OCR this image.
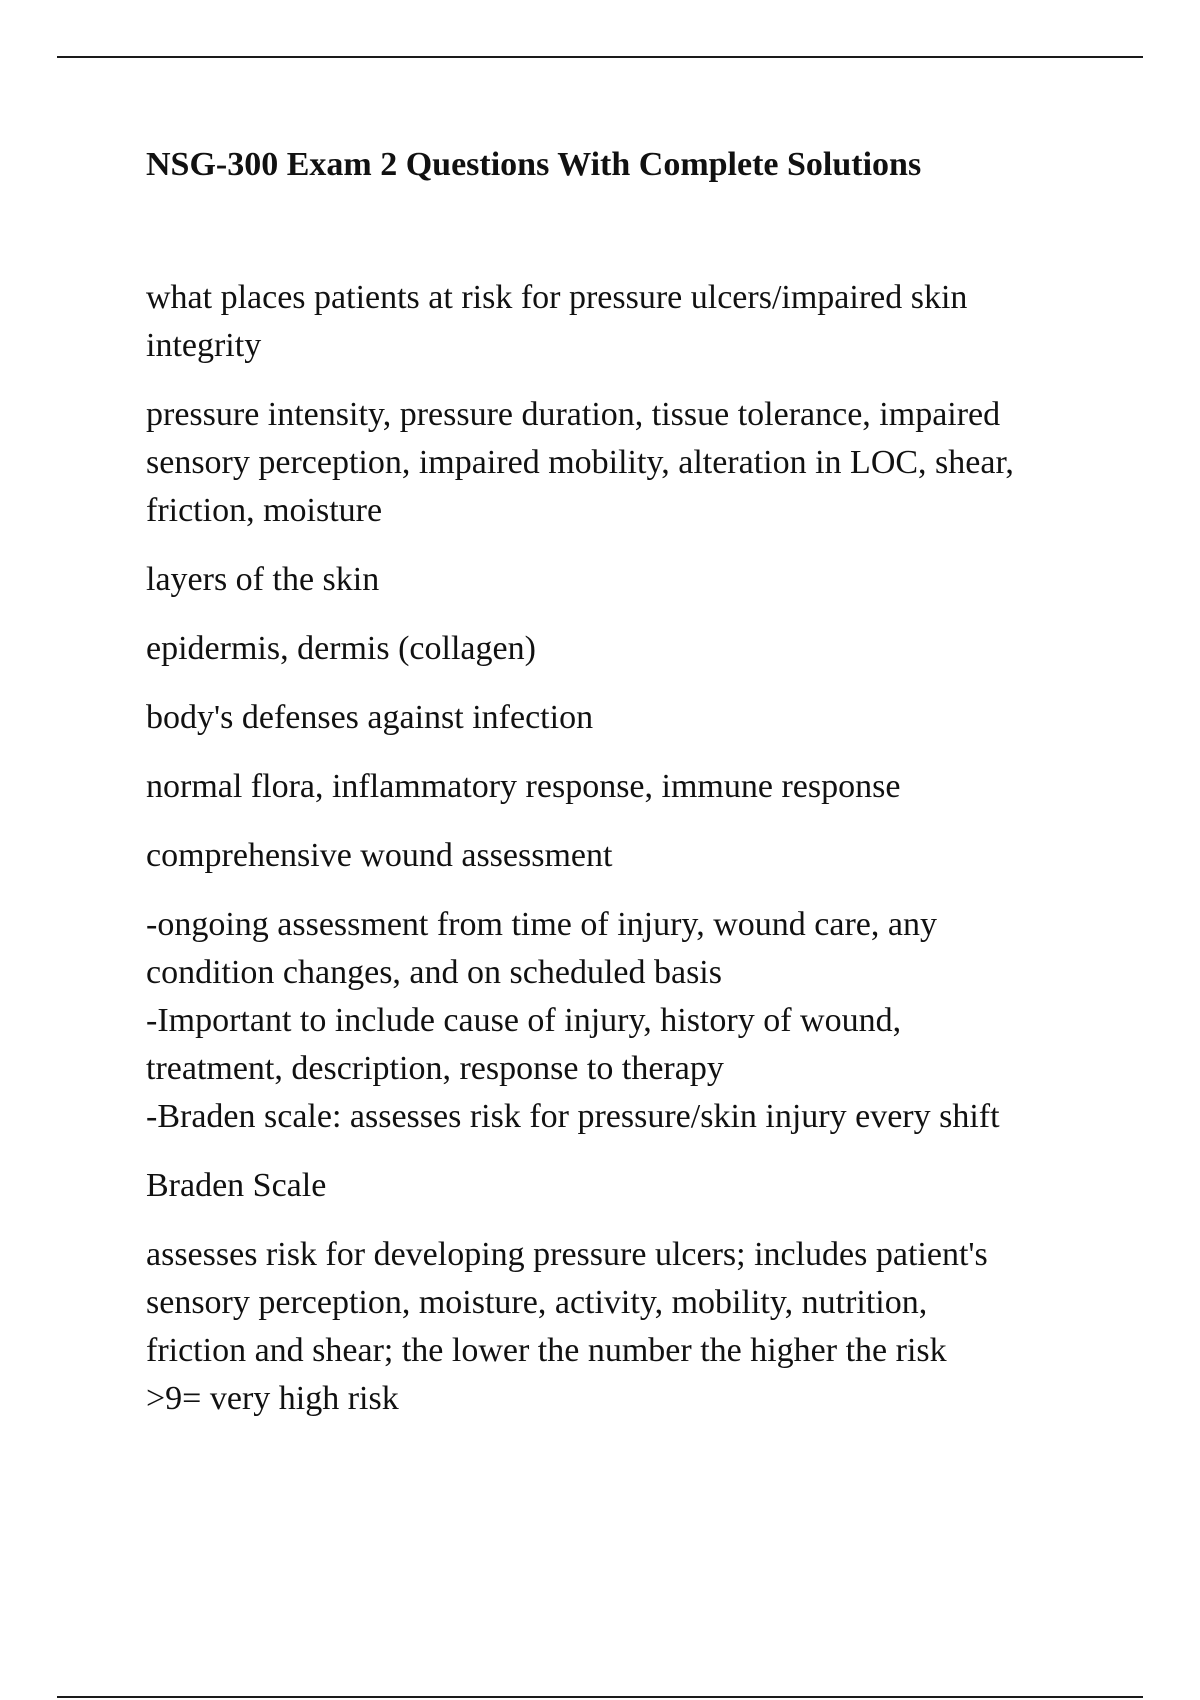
NSG-300 Exam 2 Questions With Complete Solutions
what places patients at risk for pressure ulcers/impaired skin
integrity
pressure intensity, pressure duration, tissue tolerance, impaired
sensory perception, impaired mobility, alteration in LOC, shear,
friction, moisture
layers of the skin
epidermis, dermis (collagen)
body's defenses against infection
normal flora, inflammatory response, immune response
comprehensive wound assessment
-ongoing assessment from time of injury, wound care, any
condition changes, and on scheduled basis
-Important to include cause of injury, history of wound,
treatment, description, response to therapy
-Braden scale: assesses risk for pressure/skin injury every shift
Braden Scale
assesses risk for developing pressure ulcers; includes patient's
sensory perception, moisture, activity, mobility, nutrition,
friction and shear; the lower the number the higher the risk
>9= very high risk
